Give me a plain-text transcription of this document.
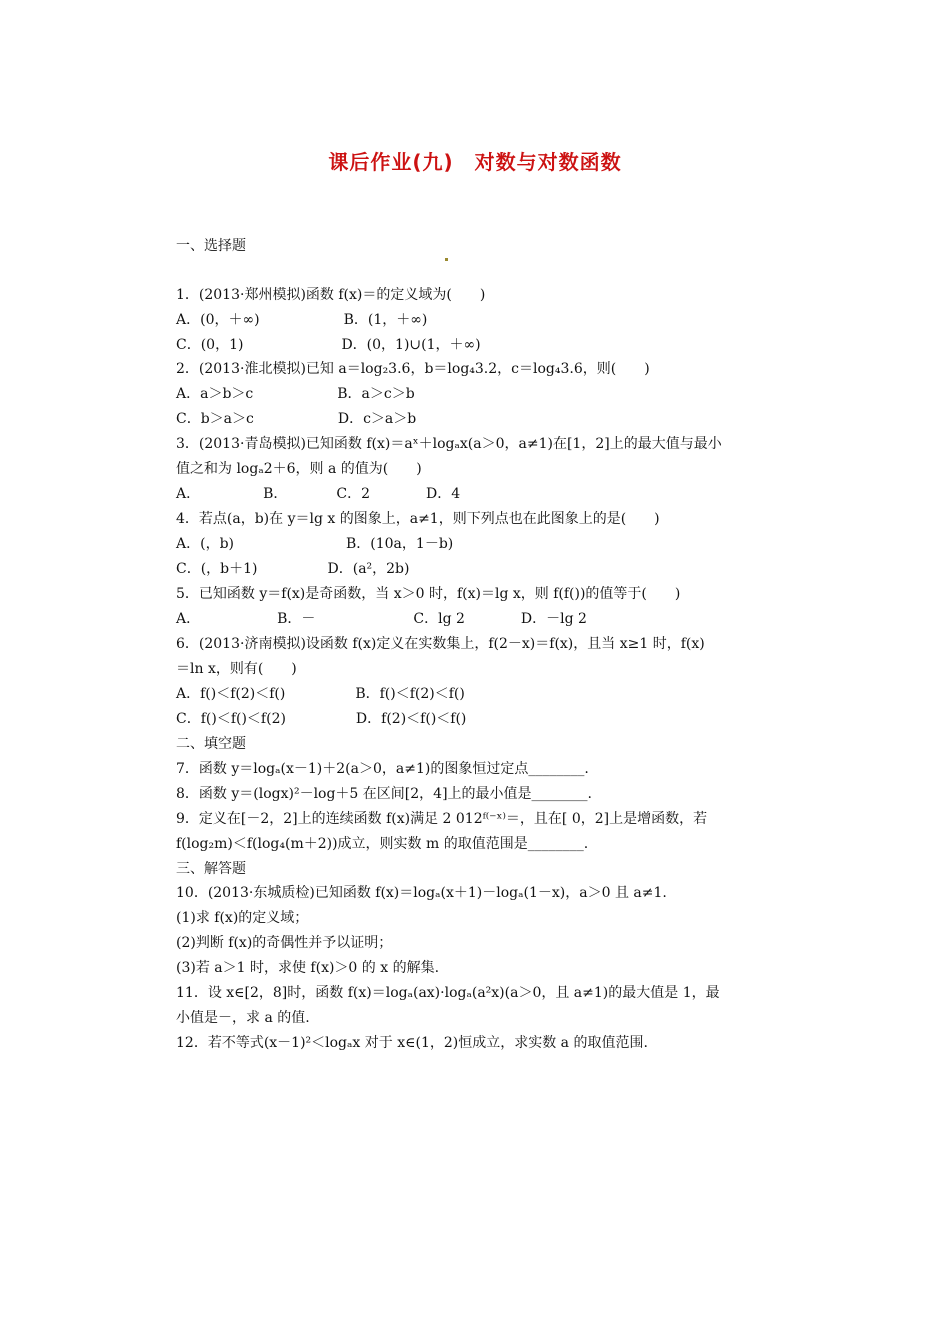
课后作业(九)　对数与对数函数

一、选择题

1．(2013·郑州模拟)函数 f(x)＝的定义域为(　　)

A．(0，＋∞)　　　　　　B．(1，＋∞)

C．(0，1)　　　　　　　D．(0，1)∪(1，＋∞)

2．(2013·淮北模拟)已知 a＝log₂3.6，b＝log₄3.2，c＝log₄3.6，则(　　)

A．a＞b＞c　　　　　　B．a＞c＞b

C．b＞a＞c　　　　　　D．c＞a＞b

3．(2013·青岛模拟)已知函数 f(x)＝aˣ＋logₐx(a＞0，a≠1)在[1，2]上的最大值与最小

值之和为 logₐ2＋6，则 a 的值为(　　)

A．　　　　　B．　　　　C．2　　　　D．4

4．若点(a，b)在 y＝lg x 的图象上，a≠1，则下列点也在此图象上的是(　　)

A．(，b)　　　　　　　　B．(10a，1－b)

C．(，b＋1)　　　　　D．(a²，2b)

5．已知函数 y＝f(x)是奇函数，当 x＞0 时，f(x)＝lg x，则 f(f())的值等于(　　)

A．　　　　　　B．－　　　　　　　C．lg 2　　　　D．－lg 2

6．(2013·济南模拟)设函数 f(x)定义在实数集上，f(2－x)＝f(x)，且当 x≥1 时，f(x)

＝ln x，则有(　　)

A．f()＜f(2)＜f()　　　　　B．f()＜f(2)＜f()

C．f()＜f()＜f(2)　　　　　D．f(2)＜f()＜f()

二、填空题

7．函数 y＝logₐ(x－1)＋2(a＞0，a≠1)的图象恒过定点________.

8．函数 y＝(logx)²－log＋5 在区间[2，4]上的最小值是________.

9．定义在[－2，2]上的连续函数 f(x)满足 2 012ᶠ⁽⁻ˣ⁾＝，且在[ 0，2]上是增函数，若

f(log₂m)＜f(log₄(m＋2))成立，则实数 m 的取值范围是________.

三、解答题

10．(2013·东城质检)已知函数 f(x)＝logₐ(x＋1)－logₐ(1－x)，a＞0 且 a≠1.

(1)求 f(x)的定义域；

(2)判断 f(x)的奇偶性并予以证明；

(3)若 a＞1 时，求使 f(x)＞0 的 x 的解集.

11．设 x∈[2，8]时，函数 f(x)＝logₐ(ax)·logₐ(a²x)(a＞0，且 a≠1)的最大值是 1，最

小值是－，求 a 的值.

12．若不等式(x－1)²＜logₐx 对于 x∈(1，2)恒成立，求实数 a 的取值范围.
